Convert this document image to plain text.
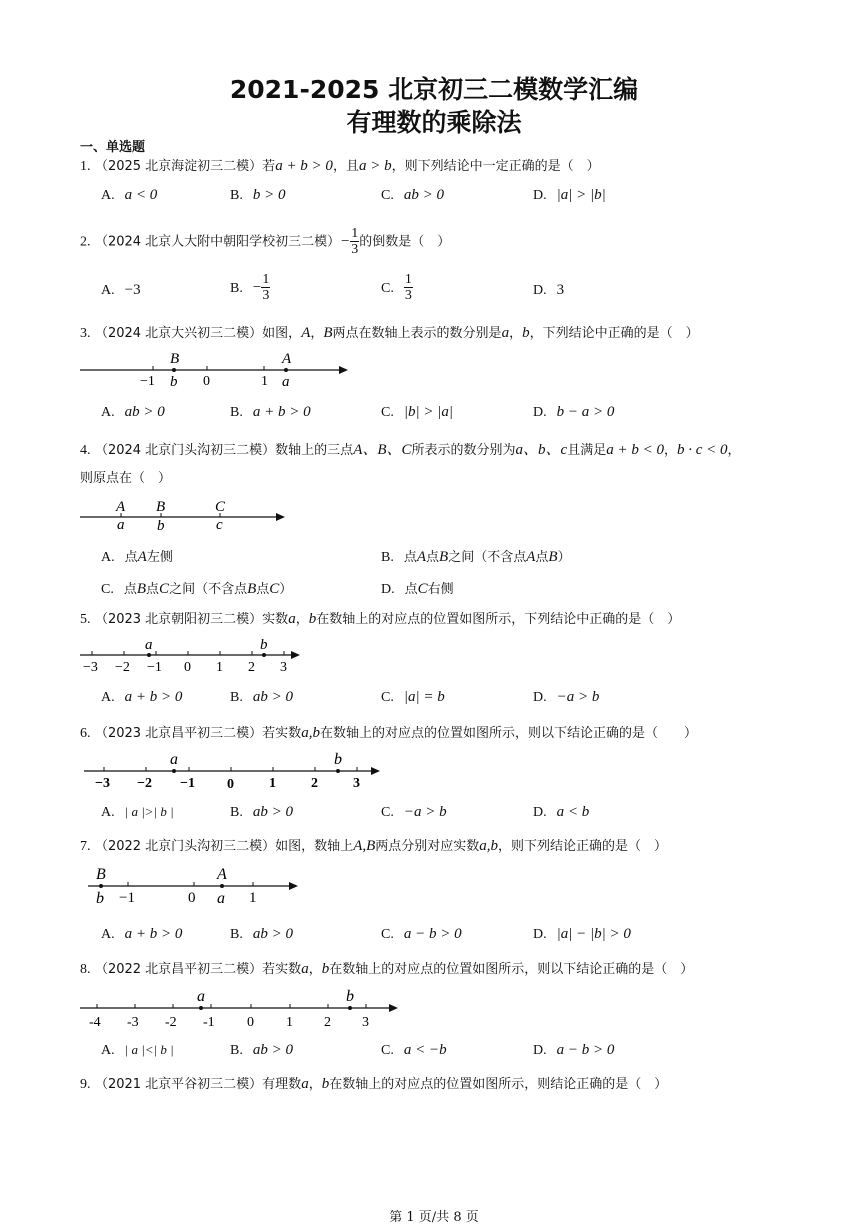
2021-2025 北京初三二模数学汇编
有理数的乘除法
一、单选题
1. （2025 北京海淀初三二模）若a + b > 0，且a > b，则下列结论中一定正确的是（　）
A. a < 0	B. b > 0	C. ab > 0	D. |a| > |b|
2. （2024 北京人大附中朝阳学校初三二模）− $\frac{1}{3}$ 的倒数是（　）
A. −3	B. − $\frac{1}{3}$	C. $\frac{1}{3}$	D. 3
3. （2024 北京大兴初三二模）如图，A，B两点在数轴上表示的数分别是a，b，下列结论中正确的是（　）
B	A
−1 b 0	1 a
A. ab > 0	B. a + b > 0	C. |b| > |a|	D. b − a > 0
4. （2024 北京门头沟初三二模）数轴上的三点A、B、C所表示的数分别为a、b、c且满足a + b < 0，b · c < 0，
则原点在（　）
A B	C
a b	c
A. 点A左侧	B. 点A点B之间（不含点A点B）
C. 点B点C之间（不含点B点C）	D. 点C右侧
5. （2023 北京朝阳初三二模）实数a，b在数轴上的对应点的位置如图所示，下列结论中正确的是（　）
a	b
−3 −2 −1 0 1 2 3
A. a + b > 0	B. ab > 0	C. |a| = b	D. −a > b
6. （2023 北京昌平初三二模）若实数a,b在数轴上的对应点的位置如图所示，则以下结论正确的是（　　）
a	b
−3 −2 −1 0	1	2	3
A. | a |>| b |	B. ab > 0	C. −a > b	D. a < b
7. （2022 北京门头沟初三二模）如图，数轴上A,B两点分别对应实数a,b，则下列结论正确的是（　）
B	A
b −1	0 a 1
A. a + b > 0	B. ab > 0	C. a − b > 0	D. |a| − |b| > 0
8. （2022 北京昌平初三二模）若实数a，b在数轴上的对应点的位置如图所示，则以下结论正确的是（　）
a	b
-4 -3 -2 -1 0 1 2 3
A. | a |<| b |	B. ab > 0	C. a < −b	D. a − b > 0
9. （2021 北京平谷初三二模）有理数a，b在数轴上的对应点的位置如图所示，则结论正确的是（　）
第 1 页/共 8 页
